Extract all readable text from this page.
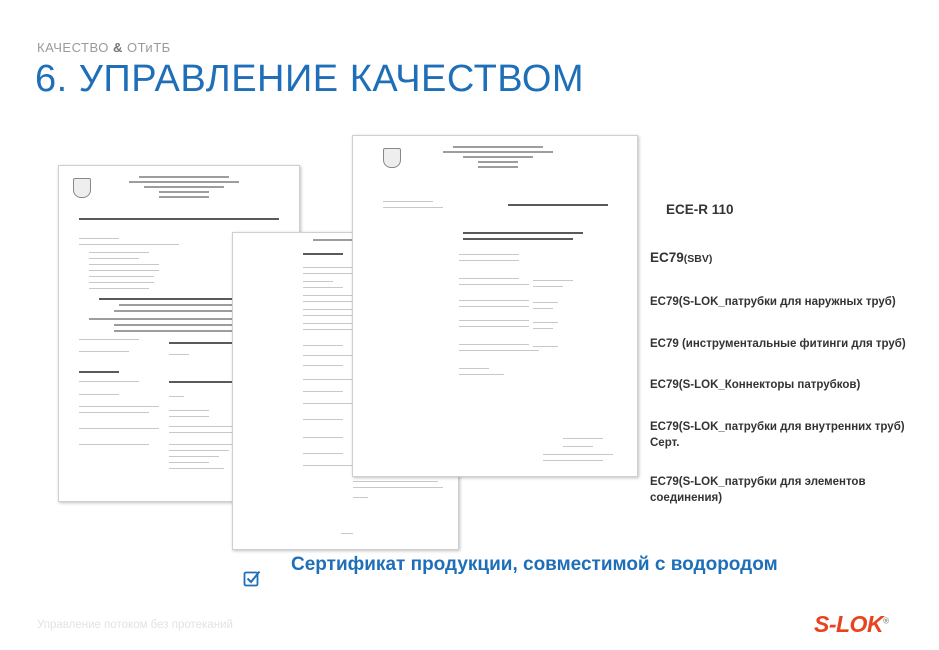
КАЧЕСТВО & ОТиТБ
6. УПРАВЛЕНИЕ КАЧЕСТВОМ
ECE-R 110
EC79(SBV)
EC79(S-LOK_патрубки для наружных труб)
EC79 (инструментальные фитинги для труб)
EC79(S-LOK_Коннекторы патрубков)
EC79(S-LOK_патрубки для внутренних труб)
Серт.
EC79(S-LOK_патрубки для элементов
соединения)
Сертификат продукции, совместимой с водородом
Управление потоком без протеканий	S-LOK®
